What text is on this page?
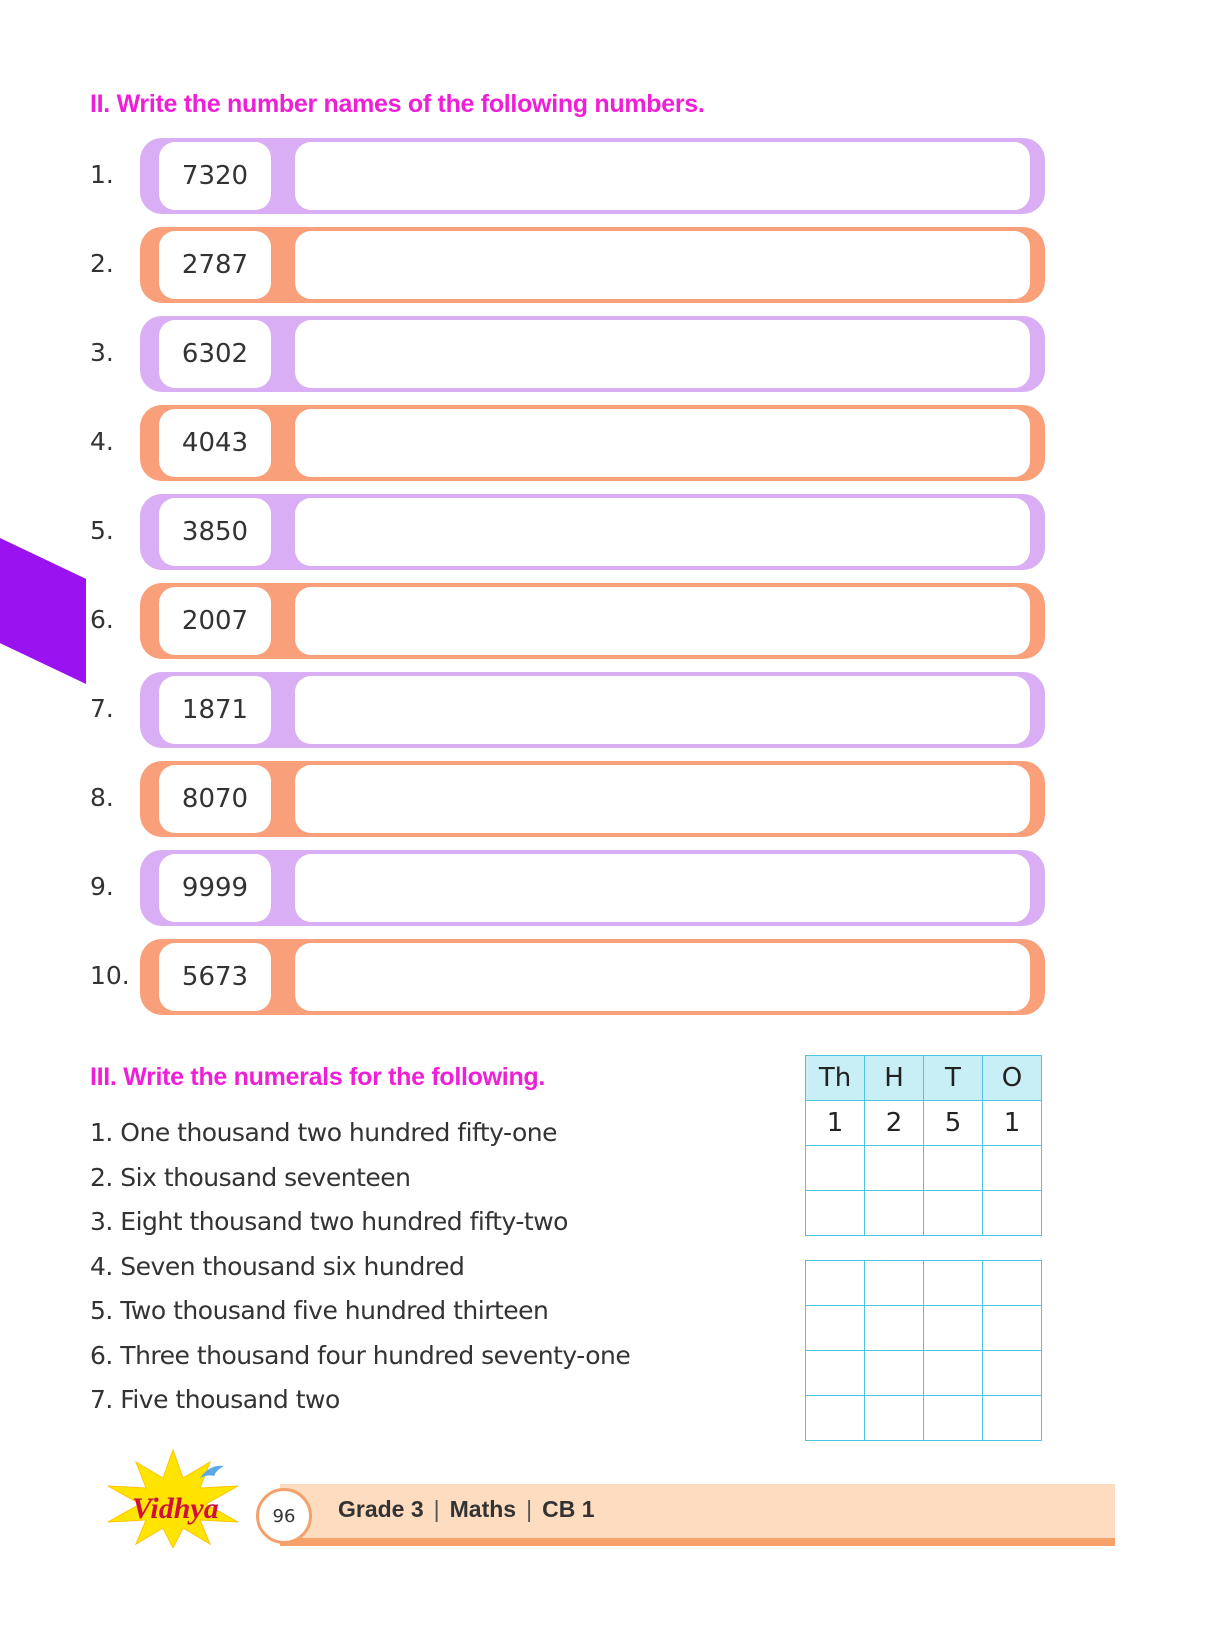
II. Write the number names of the following numbers.
1.	7320
2.	2787
3.	6302
4.	4043
5.	3850
6.	2007
7.	1871
8.	8070
9.	9999
10.	5673
III. Write the numerals for the following.
1. One thousand two hundred fifty-one
2. Six thousand seventeen
3. Eight thousand two hundred fifty-two
4. Seven thousand six hundred
5. Two thousand five hundred thirteen
6. Three thousand four hundred seventy-one
7. Five thousand two
Th	H	T	O
1	2	5	1

Vidhya	96	Grade 3 | Maths | CB 1
